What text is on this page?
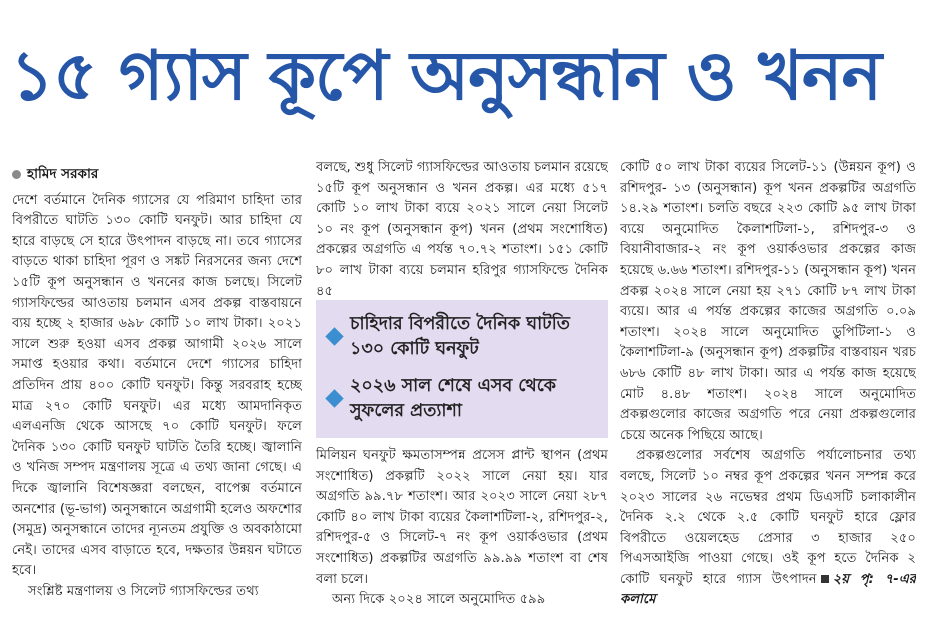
১৫ গ্যাস কূপে অনুসন্ধান ও খনন
হামিদ সরকার

দেশে বর্তমানে দৈনিক গ্যাসের যে পরিমাণ চাহিদা তার বিপরীতে ঘাটতি ১৩০ কোটি ঘনফুট। আর চাহিদা যে হারে বাড়ছে সে হারে উৎপাদন বাড়ছে না। তবে গ্যাসের বাড়তে থাকা চাহিদা পূরণ ও সঙ্কট নিরসনের জন্য দেশে ১৫টি কূপ অনুসন্ধান ও খননের কাজ চলছে। সিলেট গ্যাসফিল্ডের আওতায় চলমান এসব প্রকল্প বাস্তবায়নে ব্যয় হচ্ছে ২ হাজার ৬৯৮ কোটি ১০ লাখ টাকা। ২০২১ সালে শুরু হওয়া এসব প্রকল্প আগামী ২০২৬ সালে সমাপ্ত হওয়ার কথা। বর্তমানে দেশে গ্যাসের চাহিদা প্রতিদিন প্রায় ৪০০ কোটি ঘনফুট। কিন্তু সরবরাহ হচ্ছে মাত্র ২৭০ কোটি ঘনফুট। এর মধ্যে আমদানিকৃত এলএনজি থেকে আসছে ৭০ কোটি ঘনফুট। ফলে দৈনিক ১৩০ কোটি ঘনফুট ঘাটতি তৈরি হচ্ছে। জ্বালানি ও খনিজ সম্পদ মন্ত্রণালয় সূত্রে এ তথ্য জানা গেছে। এ দিকে জ্বালানি বিশেষজ্ঞরা বলছেন, বাপেক্স বর্তমানে অনশোর (ভূ-ভাগ) অনুসন্ধানে অগ্রগামী হলেও অফশোর (সমুদ্র) অনুসন্ধানে তাদের ন্যূনতম প্রযুক্তি ও অবকাঠামো নেই। তাদের এসব বাড়াতে হবে, দক্ষতার উন্নয়ন ঘটাতে হবে।

সংশ্লিষ্ট মন্ত্রণালয় ও সিলেট গ্যাসফিল্ডের তথ্য

বলছে, শুধু সিলেট গ্যাসফিল্ডের আওতায় চলমান রয়েছে ১৫টি কূপ অনুসন্ধান ও খনন প্রকল্প। এর মধ্যে ৫১৭ কোটি ১০ লাখ টাকা ব্যয়ে ২০২১ সালে নেয়া সিলেট ১০ নং কূপ (অনুসন্ধান কূপ) খনন (প্রথম সংশোধিত) প্রকল্পের অগ্রগতি এ পর্যন্ত ৭০.৭২ শতাংশ। ১৫১ কোটি ৮০ লাখ টাকা ব্যয়ে চলমান হরিপুর গ্যাসফিল্ডে দৈনিক ৪৫

চাহিদার বিপরীতে দৈনিক ঘাটতি ১৩০ কোটি ঘনফুট
২০২৬ সাল শেষে এসব থেকে সুফলের প্রত্যাশা

মিলিয়ন ঘনফুট ক্ষমতাসম্পন্ন প্রসেস প্লান্ট স্থাপন (প্রথম সংশোধিত) প্রকল্পটি ২০২২ সালে নেয়া হয়। যার অগ্রগতি ৯৯.৭৮ শতাংশ। আর ২০২৩ সালে নেয়া ২৮৭ কোটি ৪০ লাখ টাকা ব্যয়ের কৈলাশটিলা-২, রশিদপুর-২, রশিদপুর-৫ ও সিলেট-৭ নং কূপ ওয়ার্কওভার (প্রথম সংশোধিত) প্রকল্পটির অগ্রগতি ৯৯.৯৯ শতাংশ বা শেষ বলা চলে।

অন্য দিকে ২০২৪ সালে অনুমোদিত ৫৯৯

কোটি ৫০ লাখ টাকা ব্যয়ের সিলেট-১১ (উন্নয়ন কূপ) ও রশিদপুর- ১৩ (অনুসন্ধান) কূপ খনন প্রকল্পটির অগ্রগতি ১৪.২৯ শতাংশ। চলতি বছরে ২২৩ কোটি ৯৫ লাখ টাকা ব্যয়ে অনুমোদিত কৈলাশটিলা-১, রশিদপুর-৩ ও বিয়ানীবাজার-২ নং কূপ ওয়ার্কওভার প্রকল্পের কাজ হয়েছে ৬.৬৬ শতাংশ। রশিদপুর-১১ (অনুসন্ধান কূপ) খনন প্রকল্প ২০২৪ সালে নেয়া হয় ২৭১ কোটি ৮৭ লাখ টাকা ব্যয়ে। আর এ পর্যন্ত প্রকল্পের কাজের অগ্রগতি ০.০৯ শতাংশ। ২০২৪ সালে অনুমোদিত ডুপিটিলা-১ ও কৈলাশটিলা-৯ (অনুসন্ধান কূপ) প্রকল্পটির বাস্তবায়ন খরচ ৬৮৬ কোটি ৪৮ লাখ টাকা। আর এ পর্যন্ত কাজ হয়েছে মোট ৪.৪৮ শতাংশ। ২০২৪ সালে অনুমোদিত প্রকল্পগুলোর কাজের অগ্রগতি পরে নেয়া প্রকল্পগুলোর চেয়ে অনেক পিছিয়ে আছে।

প্রকল্পগুলোর সর্বশেষ অগ্রগতি পর্যালোচনার তথ্য বলছে, সিলেট ১০ নম্বর কূপ প্রকল্পের খনন সম্পন্ন করে ২০২৩ সালের ২৬ নভেম্বর প্রথম ডিএসটি চলাকালীন দৈনিক ২.২ থেকে ২.৫ কোটি ঘনফুট হারে ফ্লোর বিপরীতে ওয়েলহেড প্রেসার ৩ হাজার ২৫০ পিএসআইজি পাওয়া গেছে। ওই কূপ হতে দৈনিক ২ কোটি ঘনফুট হারে গ্যাস উৎপাদন ২য় পৃ: ৭-এর কলামে
